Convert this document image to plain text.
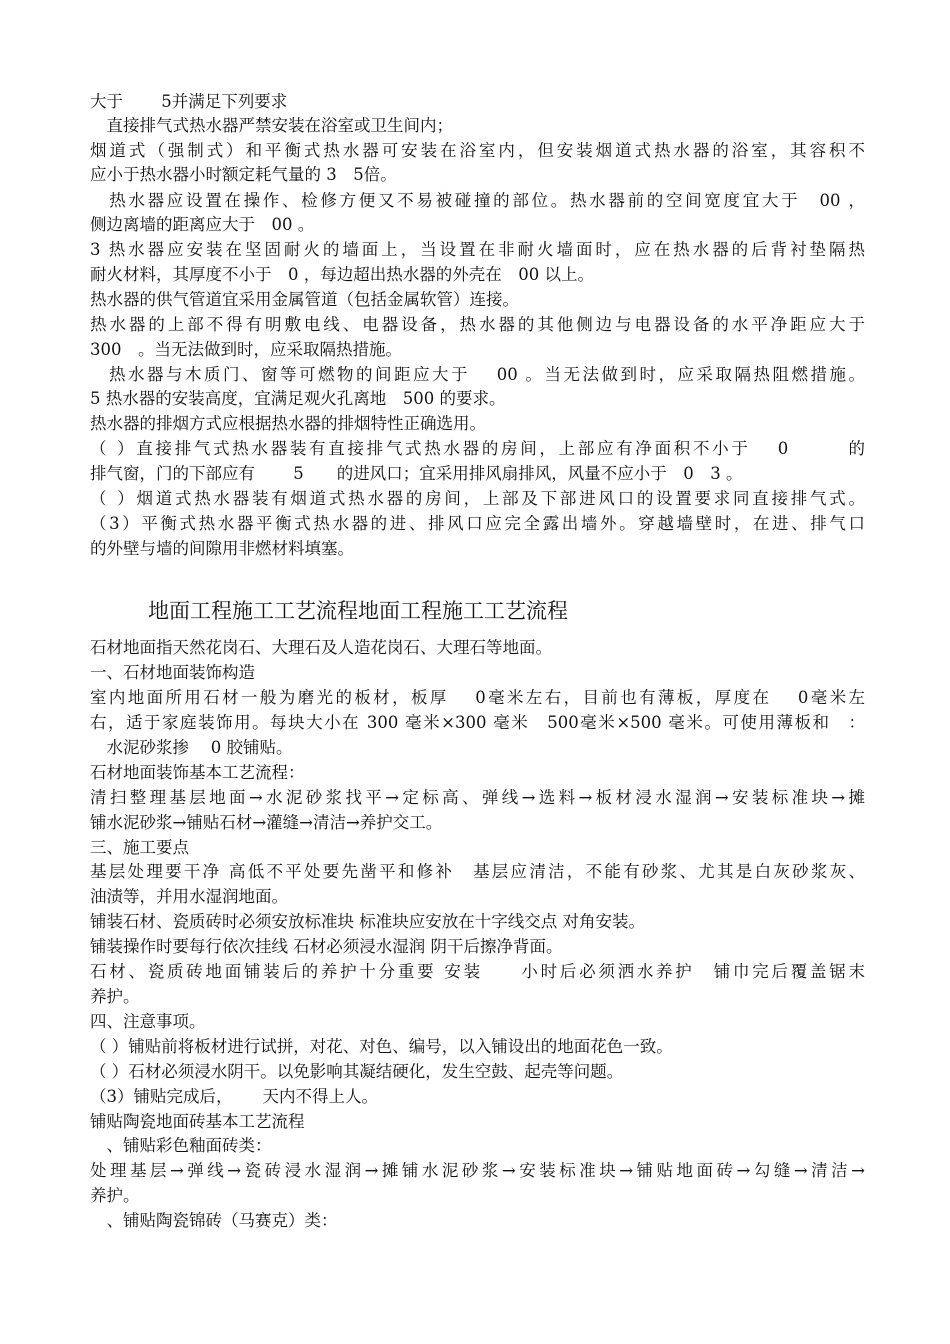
大于　　 5并满足下列要求
　直接排气式热水器严禁安装在浴室或卫生间内；
烟道式（强制式）和平衡式热水器可安装在浴室内，但安装烟道式热水器的浴室，其容积不
应小于热水器小时额定耗气量的 3　5倍。
　热水器应设置在操作、检修方便又不易被碰撞的部位。热水器前的空间宽度宜大于　00 ，
侧边离墙的距离应大于　00 。
3 热水器应安装在坚固耐火的墙面上，当设置在非耐火墙面时，应在热水器的后背衬垫隔热
耐火材料，其厚度不小于　0 ，每边超出热水器的外壳在　00 以上。
热水器的供气管道宜采用金属管道（包括金属软管）连接。
热水器的上部不得有明敷电线、电器设备，热水器的其他侧边与电器设备的水平净距应大于
300　。当无法做到时，应采取隔热措施。
　热水器与木质门、窗等可燃物的间距应大于　 00 。当无法做到时，应采取隔热阻燃措施。
5 热水器的安装高度，宜满足观火孔离地　500 的要求。
热水器的排烟方式应根据热水器的排烟特性正确选用。
（ ）直接排气式热水器装有直接排气式热水器的房间，上部应有净面积不小于　 0　　　的
排气窗，门的下部应有　　 5　　的进风口；宜采用排风扇排风，风量不应小于　0　3 。
（ ）烟道式热水器装有烟道式热水器的房间，上部及下部进风口的设置要求同直接排气式。
（3）平衡式热水器平衡式热水器的进、排风口应完全露出墙外。穿越墙壁时，在进、排气口
的外壁与墙的间隙用非燃材料填塞。
地面工程施工工艺流程地面工程施工工艺流程
石材地面指天然花岗石、大理石及人造花岗石、大理石等地面。
一、石材地面装饰构造
室内地面所用石材一般为磨光的板材，板厚　 0毫米左右，目前也有薄板，厚度在　 0毫米左
右，适于家庭装饰用。每块大小在 300 毫米×300 毫米　500毫米×500 毫米。可使用薄板和　：
　水泥砂浆掺　 0 胶铺贴。
石材地面装饰基本工艺流程：
清扫整理基层地面→水泥砂浆找平→定标高、弹线→选料→板材浸水湿润→安装标准块→摊
铺水泥砂浆→铺贴石材→灌缝→清洁→养护交工。
三、施工要点
基层处理要干净 高低不平处要先凿平和修补　基层应清洁，不能有砂浆、尤其是白灰砂浆灰、
油渍等，并用水湿润地面。
铺装石材、瓷质砖时必须安放标准块 标准块应安放在十字线交点 对角安装。
铺装操作时要每行依次挂线 石材必须浸水湿润 阴干后擦净背面。
石材、瓷质砖地面铺装后的养护十分重要 安装　　小时后必须洒水养护　铺巾完后覆盖锯末
养护。
四、注意事项。
（ ）铺贴前将板材进行试拼，对花、对色、编号，以入铺设出的地面花色一致。
（ ）石材必须浸水阴干。以免影响其凝结硬化，发生空鼓、起壳等问题。
（3）铺贴完成后，　　 天内不得上人。
铺贴陶瓷地面砖基本工艺流程
　、铺贴彩色釉面砖类：
处理基层→弹线→瓷砖浸水湿润→摊铺水泥砂浆→安装标准块→铺贴地面砖→勾缝→清洁→
养护。
　、铺贴陶瓷锦砖（马赛克）类：
